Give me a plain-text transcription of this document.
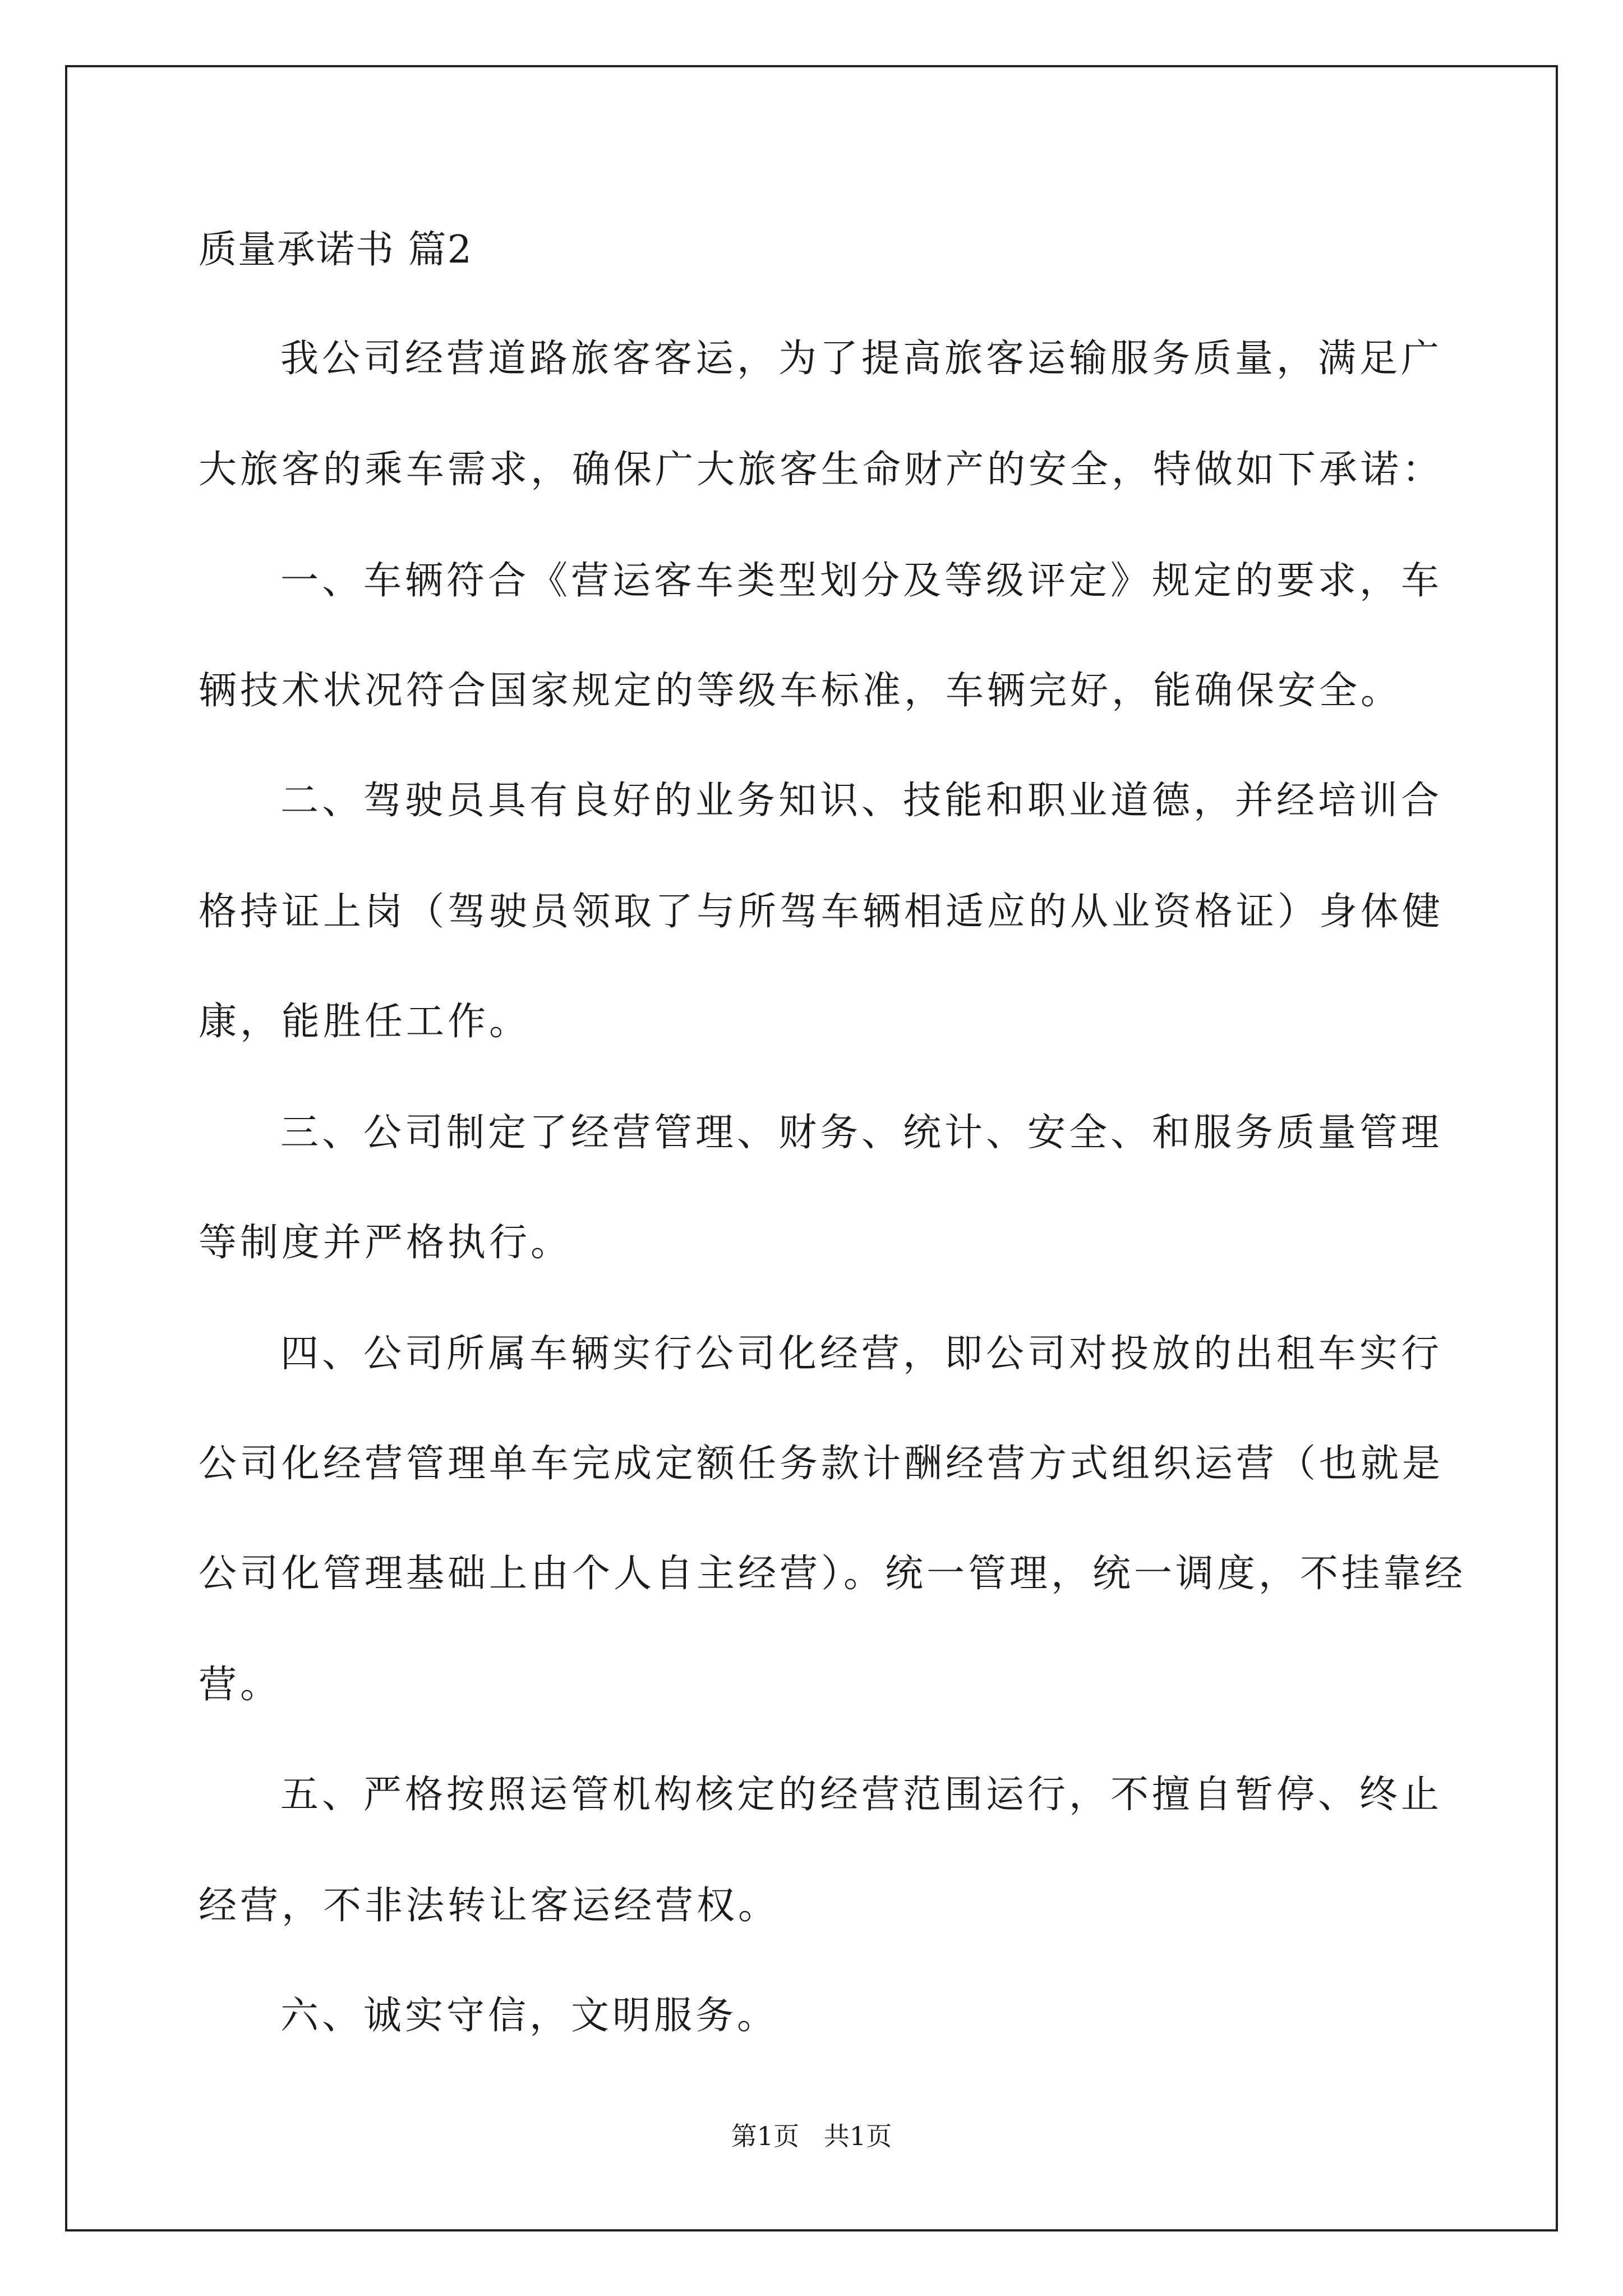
质量承诺书 篇2

我公司经营道路旅客客运，为了提高旅客运输服务质量，满足广

大旅客的乘车需求，确保广大旅客生命财产的安全，特做如下承诺：

一、车辆符合《营运客车类型划分及等级评定》规定的要求，车

辆技术状况符合国家规定的等级车标准，车辆完好，能确保安全。

二、驾驶员具有良好的业务知识、技能和职业道德，并经培训合

格持证上岗（驾驶员领取了与所驾车辆相适应的从业资格证）身体健

康，能胜任工作。

三、公司制定了经营管理、财务、统计、安全、和服务质量管理

等制度并严格执行。

四、公司所属车辆实行公司化经营，即公司对投放的出租车实行

公司化经营管理单车完成定额任务款计酬经营方式组织运营（也就是

公司化管理基础上由个人自主经营）。统一管理，统一调度，不挂靠经

营。

五、严格按照运管机构核定的经营范围运行，不擅自暂停、终止

经营，不非法转让客运经营权。

六、诚实守信，文明服务。

第1页   共1页
